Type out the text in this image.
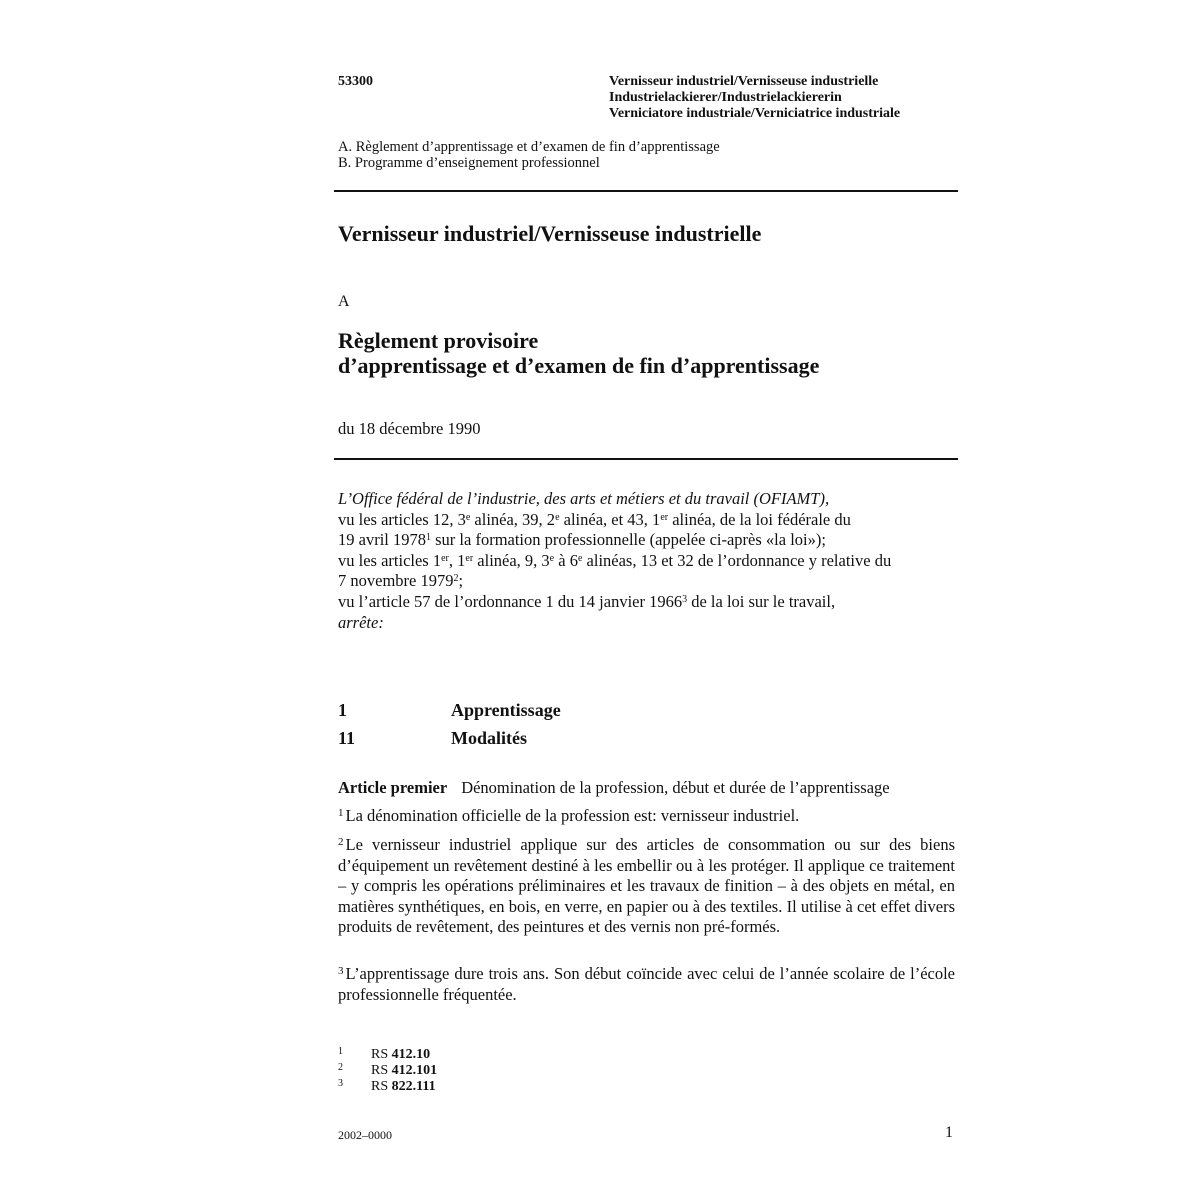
53300	Vernisseur industriel/Vernisseuse industrielle
Industrielackierer/Industrielackiererin
Verniciatore industriale/Verniciatrice industriale
A. Règlement d’apprentissage et d’examen de fin d’apprentissage
B. Programme d’enseignement professionnel
Vernisseur industriel/Vernisseuse industrielle
A
Règlement provisoire
d’apprentissage et d’examen de fin d’apprentissage
du 18 décembre 1990
L’Office fédéral de l’industrie, des arts et métiers et du travail (OFIAMT),
vu les articles 12, 3e alinéa, 39, 2e alinéa, et 43, 1er alinéa, de la loi fédérale du
19 avril 1978$^1$ sur la formation professionnelle (appelée ci-après «la loi»);
vu les articles 1er, 1er alinéa, 9, 3e à 6e alinéas, 13 et 32 de l’ordonnance y relative du
7 novembre 1979$^2$;
vu l’article 57 de l’ordonnance 1 du 14 janvier 1966$^3$ de la loi sur le travail,
arrête:
1	Apprentissage
11	Modalités
Article premier Dénomination de la profession, début et durée de l’apprentissage
$^1$ La dénomination officielle de la profession est: vernisseur industriel.
$^2$ Le vernisseur industriel applique sur des articles de consommation ou sur des biens d’équipement un revêtement destiné à les embellir ou à les protéger. Il applique ce traitement – y compris les opérations préliminaires et les travaux de finition – à des objets en métal, en matières synthétiques, en bois, en verre, en papier ou à des textiles. Il utilise à cet effet divers produits de revêtement, des peintures et des vernis non pré-formés.
$^3$ L’apprentissage dure trois ans. Son début coïncide avec celui de l’année scolaire de l’école professionnelle fréquentée.
1 RS 412.10
2 RS 412.101
3 RS 822.111
2002–0000	1
